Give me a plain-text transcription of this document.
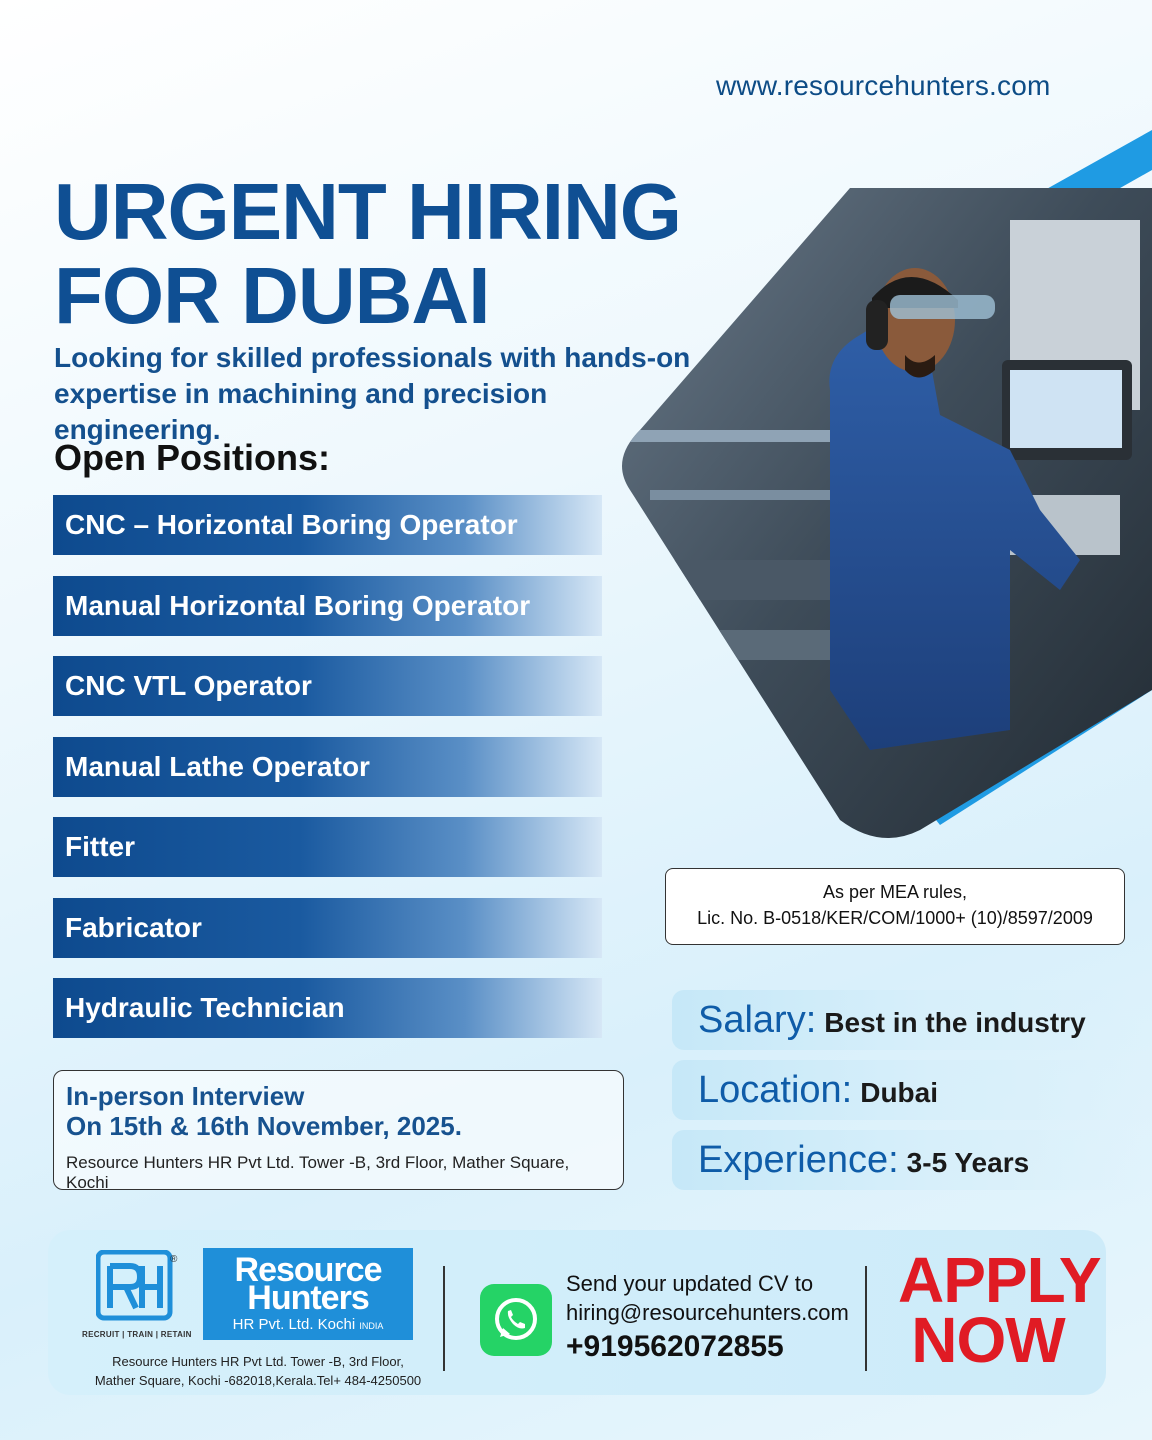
www.resourcehunters.com
URGENT HIRING
FOR DUBAI
Looking for skilled professionals with hands-on expertise in machining and precision engineering.
Open Positions:
CNC – Horizontal Boring Operator
Manual Horizontal Boring Operator
CNC VTL Operator
Manual Lathe Operator
Fitter
Fabricator
Hydraulic Technician
In-person Interview
On 15th & 16th November, 2025.
Resource Hunters HR Pvt Ltd. Tower -B, 3rd Floor, Mather Square, Kochi
As per MEA rules,
Lic. No. B-0518/KER/COM/1000+ (10)/8597/2009
Salary: Best in the industry
Location: Dubai
Experience: 3-5 Years
®
RECRUIT | TRAIN | RETAIN
Resource
Hunters
HR Pvt. Ltd. Kochi INDIA
Resource Hunters HR Pvt Ltd. Tower -B, 3rd Floor,
Mather Square, Kochi -682018,Kerala.Tel+ 484-4250500
Send your updated CV to
hiring@resourcehunters.com
+919562072855
APPLY
NOW
